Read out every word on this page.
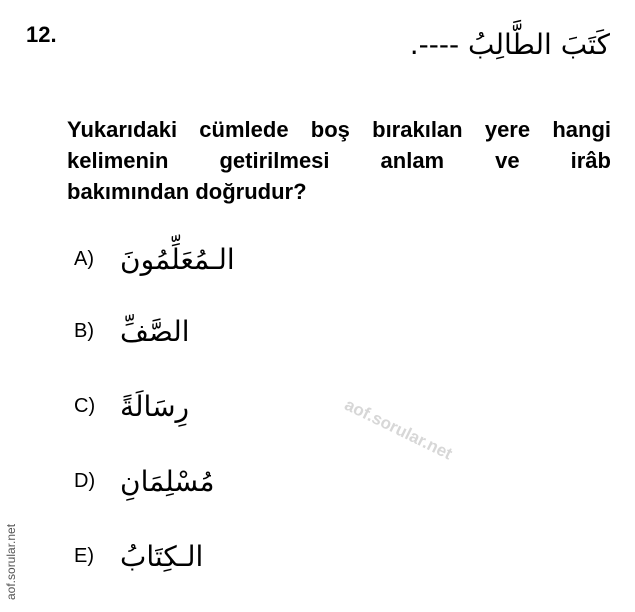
12.	كَتَبَ الطَّالِبُ ----.
Yukarıdaki cümlede boş bırakılan yere hangi
kelimenin getirilmesi anlam ve irâb
bakımından doğrudur?
A) الـمُعَلِّمُونَ
B) الصَّفِّ
C) رِسَالَةً
D) مُسْلِمَانِ
E) الـكِتَابُ
aof.sorular.net
aof.sorular.net
